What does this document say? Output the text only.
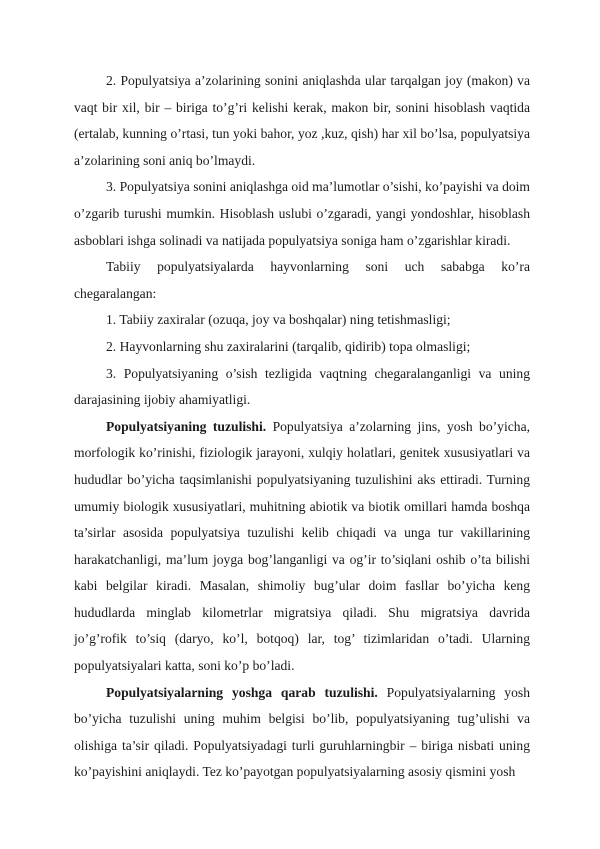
2. Populyatsiya a’zolarining sonini aniqlashda ular tarqalgan joy (makon) va vaqt bir xil, bir – biriga to’g’ri kelishi kerak, makon bir, sonini hisoblash vaqtida (ertalab, kunning o’rtasi, tun yoki bahor, yoz ,kuz, qish) har xil bo’lsa, populyatsiya a’zolarining soni aniq bo’lmaydi.

3. Populyatsiya sonini aniqlashga oid ma’lumotlar o’sishi, ko’payishi va doim o’zgarib turushi mumkin. Hisoblash uslubi o’zgaradi, yangi yondoshlar, hisoblash asboblari ishga solinadi va natijada populyatsiya soniga ham o’zgarishlar kiradi.

Tabiiy populyatsiyalarda hayvonlarning soni uch sababga ko’ra chegaralangan:

1. Tabiiy zaxiralar (ozuqa, joy va boshqalar) ning tetishmasligi;

2. Hayvonlarning shu zaxiralarini (tarqalib, qidirib) topa olmasligi;

3. Populyatsiyaning o’sish tezligida vaqtning chegaralanganligi va uning darajasining ijobiy ahamiyatligi.

Populyatsiyaning tuzulishi. Populyatsiya a’zolarning jins, yosh bo’yicha, morfologik ko’rinishi, fiziologik jarayoni, xulqiy holatlari, genitek xususiyatlari va hududlar bo’yicha taqsimlanishi populyatsiyaning tuzulishini aks ettiradi. Turning umumiy biologik xususiyatlari, muhitning abiotik va biotik omillari hamda boshqa ta’sirlar asosida populyatsiya tuzulishi kelib chiqadi va unga tur vakillarining harakatchanligi, ma’lum joyga bog’langanligi va og’ir to’siqlani oshib o’ta bilishi kabi belgilar kiradi. Masalan, shimoliy bug’ular doim fasllar bo’yicha keng hududlarda minglab kilometrlar migratsiya qiladi. Shu migratsiya davrida jo’g’rofik to’siq (daryo, ko’l, botqoq) lar, tog’ tizimlaridan o’tadi. Ularning populyatsiyalari katta, soni ko’p bo’ladi.

Populyatsiyalarning yoshga qarab tuzulishi. Populyatsiyalarning yosh bo’yicha tuzulishi uning muhim belgisi bo’lib, populyatsiyaning tug’ulishi va olishiga ta’sir qiladi. Populyatsiyadagi turli guruhlarningbir – biriga nisbati uning ko’payishini aniqlaydi. Tez ko’payotgan populyatsiyalarning asosiy qismini yosh
